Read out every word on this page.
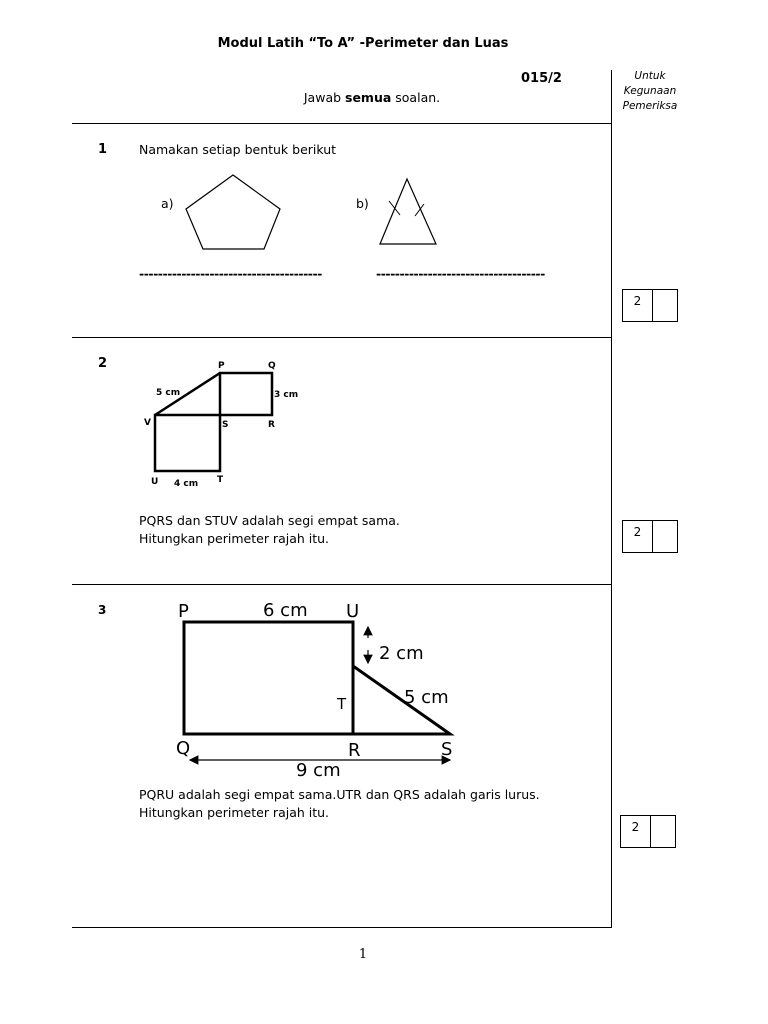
Modul Latih “To A” -Perimeter dan Luas
015/2
Jawab semua soalan.
Untuk
Kegunaan
Pemeriksa
1	Namakan setiap bentuk berikut
a)	b)
---------------------------------------	------------------------------------
2
2	P	Q
V	S	R
U	T
5 cm	3 cm
4 cm
PQRS dan STUV adalah segi empat sama.
Hitungkan perimeter rajah itu.	2
3	P	6 cm U
2 cm
5 cm
T
Q	R	S
9 cm
PQRU adalah segi empat sama.UTR dan QRS adalah garis lurus.
Hitungkan perimeter rajah itu.
2
1
